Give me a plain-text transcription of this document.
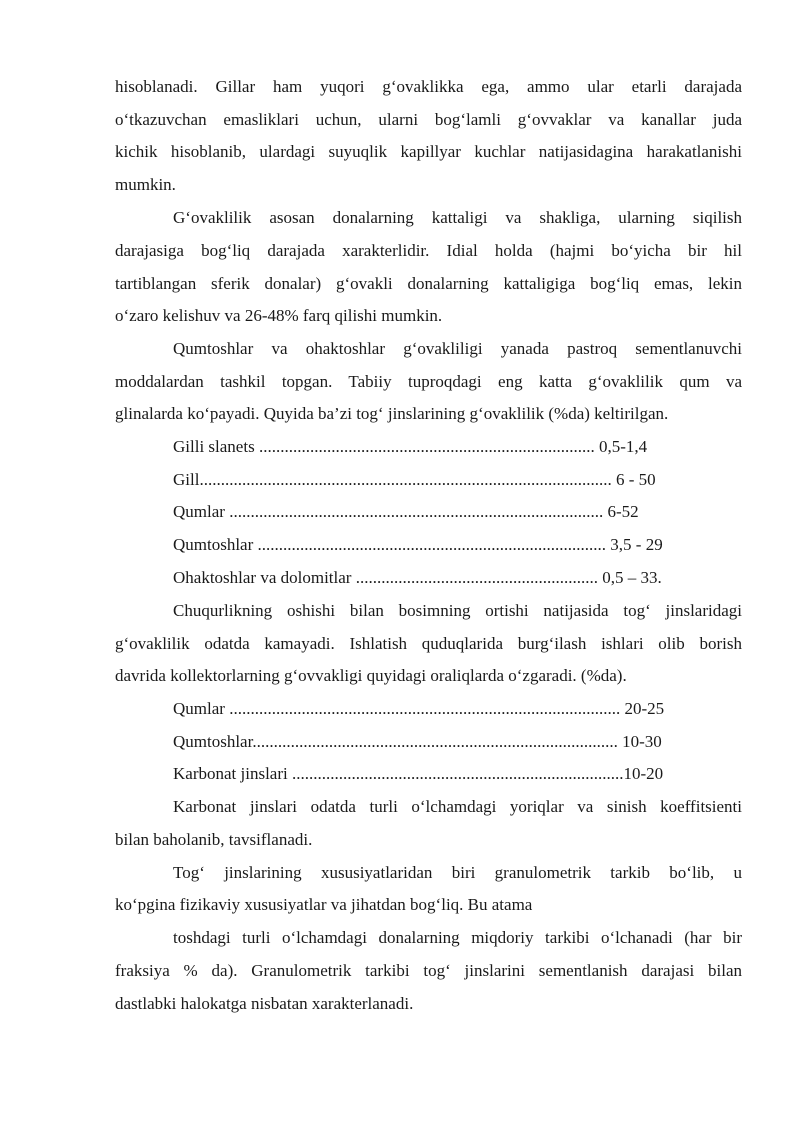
hisoblanadi. Gillar ham yuqori g‘ovaklikka ega, ammo ular etarli darajada
o‘tkazuvchan emasliklari uchun, ularni bog‘lamli g‘ovvaklar va kanallar juda
kichik hisoblanib, ulardagi suyuqlik kapillyar kuchlar natijasidagina harakatlanishi
mumkin.
G‘ovaklilik asosan donalarning kattaligi va shakliga, ularning siqilish
darajasiga bog‘liq darajada xarakterlidir. Idial holda (hajmi bo‘yicha bir hil
tartiblangan sferik donalar) g‘ovakli donalarning kattaligiga bog‘liq emas, lekin
o‘zaro kelishuv va 26-48% farq qilishi mumkin.
Qumtoshlar va ohaktoshlar g‘ovakliligi yanada pastroq sementlanuvchi
moddalardan tashkil topgan. Tabiiy tuproqdagi eng katta g‘ovaklilik qum va
glinalarda ko‘payadi. Quyida ba’zi tog‘ jinslarining g‘ovaklilik (%da) keltirilgan.
Gilli slanets ............................................................................... 0,5-1,4
Gill................................................................................................. 6 - 50
Qumlar ........................................................................................ 6-52
Qumtoshlar .................................................................................. 3,5 - 29
Ohaktoshlar va dolomitlar ......................................................... 0,5 – 33.
Chuqurlikning oshishi bilan bosimning ortishi natijasida tog‘ jinslaridagi
g‘ovaklilik odatda kamayadi. Ishlatish quduqlarida burg‘ilash ishlari olib borish
davrida kollektorlarning g‘ovvakligi quyidagi oraliqlarda o‘zgaradi. (%da).
Qumlar ............................................................................................ 20-25
Qumtoshlar...................................................................................... 10-30
Karbonat jinslari ..............................................................................10-20
Karbonat jinslari odatda turli o‘lchamdagi yoriqlar va sinish koeffitsienti
bilan baholanib, tavsiflanadi.
Tog‘ jinslarining xususiyatlaridan biri granulometrik tarkib bo‘lib, u
ko‘pgina fizikaviy xususiyatlar va jihatdan bog‘liq. Bu atama
toshdagi turli o‘lchamdagi donalarning miqdoriy tarkibi o‘lchanadi (har bir
fraksiya % da). Granulometrik tarkibi tog‘ jinslarini sementlanish darajasi bilan
dastlabki halokatga nisbatan xarakterlanadi.
